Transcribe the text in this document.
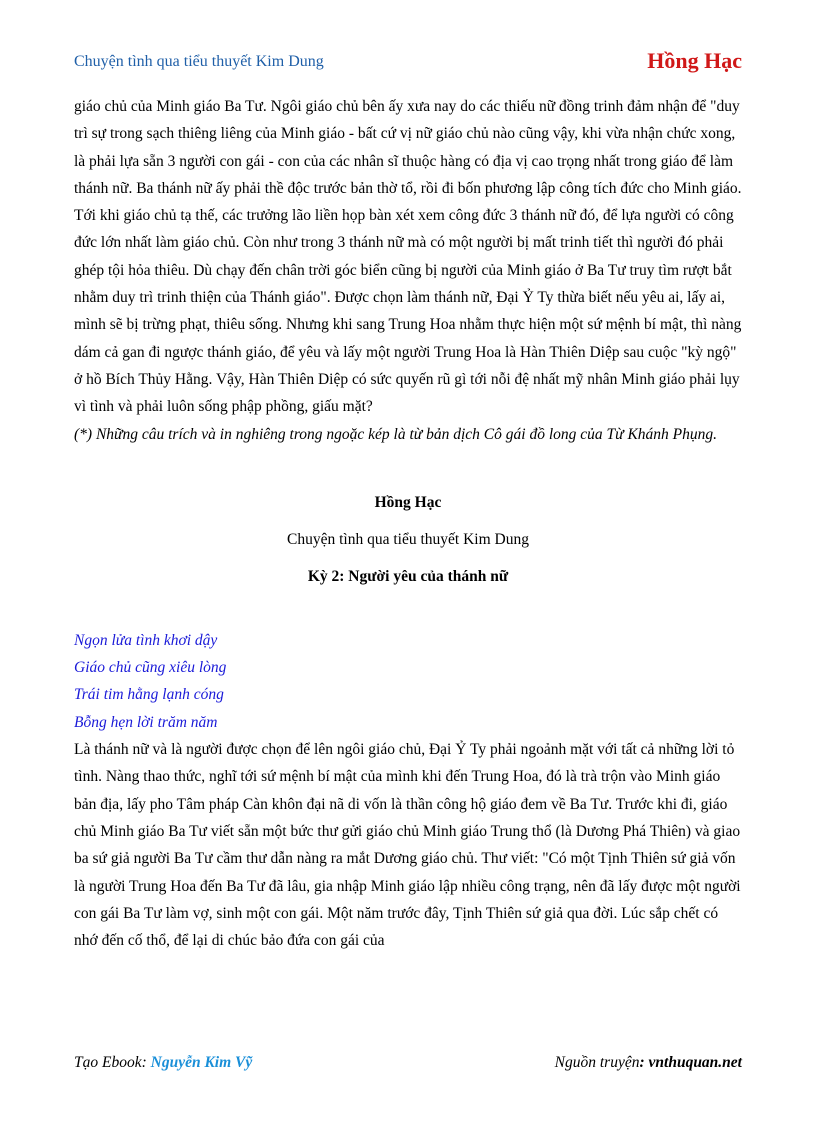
Chuyện tình qua tiểu thuyết Kim Dung	Hồng Hạc

giáo chủ của Minh giáo Ba Tư. Ngôi giáo chủ bên ấy xưa nay do các thiếu nữ đồng trinh đảm nhận để "duy trì sự trong sạch thiêng liêng của Minh giáo - bất cứ vị nữ giáo chủ nào cũng vậy, khi vừa nhận chức xong, là phải lựa sẵn 3 người con gái - con của các nhân sĩ thuộc hàng có địa vị cao trọng nhất trong giáo để làm thánh nữ. Ba thánh nữ ấy phải thề độc trước bản thờ tổ, rồi đi bốn phương lập công tích đức cho Minh giáo. Tới khi giáo chủ tạ thế, các trưởng lão liền họp bàn xét xem công đức 3 thánh nữ đó, để lựa người có công đức lớn nhất làm giáo chủ. Còn như trong 3 thánh nữ mà có một người bị mất trinh tiết thì người đó phải ghép tội hỏa thiêu. Dù chạy đến chân trời góc biển cũng bị người của Minh giáo ở Ba Tư truy tìm rượt bắt nhằm duy trì trinh thiện của Thánh giáo". Được chọn làm thánh nữ, Đại Ỷ Ty thừa biết nếu yêu ai, lấy ai, mình sẽ bị trừng phạt, thiêu sống. Nhưng khi sang Trung Hoa nhằm thực hiện một sứ mệnh bí mật, thì nàng dám cả gan đi ngược thánh giáo, để yêu và lấy một người Trung Hoa là Hàn Thiên Diệp sau cuộc "kỳ ngộ" ở hồ Bích Thủy Hằng. Vậy, Hàn Thiên Diệp có sức quyến rũ gì tới nỗi đệ nhất mỹ nhân Minh giáo phải lụy vì tình và phải luôn sống phập phồng, giấu mặt?

(*) Những câu trích và in nghiêng trong ngoặc kép là từ bản dịch Cô gái đồ long của Từ Khánh Phụng.

Hồng Hạc

Chuyện tình qua tiểu thuyết Kim Dung

Kỳ 2: Người yêu của thánh nữ

Ngọn lửa tình khơi dậy

Giáo chủ cũng xiêu lòng

Trái tim hằng lạnh cóng

Bỗng hẹn lời trăm năm

Là thánh nữ và là người được chọn để lên ngôi giáo chủ, Đại Ỷ Ty phải ngoảnh mặt với tất cả những lời tỏ tình. Nàng thao thức, nghĩ tới sứ mệnh bí mật của mình khi đến Trung Hoa, đó là trà trộn vào Minh giáo bản địa, lấy pho Tâm pháp Càn khôn đại nã di vốn là thần công hộ giáo đem về Ba Tư. Trước khi đi, giáo chủ Minh giáo Ba Tư viết sẵn một bức thư gửi giáo chủ Minh giáo Trung thổ (là Dương Phá Thiên) và giao ba sứ giả người Ba Tư cầm thư dẫn nàng ra mắt Dương giáo chủ. Thư viết: "Có một Tịnh Thiên sứ giả vốn là người Trung Hoa đến Ba Tư đã lâu, gia nhập Minh giáo lập nhiều công trạng, nên đã lấy được một người con gái Ba Tư làm vợ, sinh một con gái. Một năm trước đây, Tịnh Thiên sứ giả qua đời. Lúc sắp chết có nhớ đến cố thổ, để lại di chúc bảo đứa con gái của

Tạo Ebook: Nguyễn Kim Vỹ	Nguồn truyện: vnthuquan.net
